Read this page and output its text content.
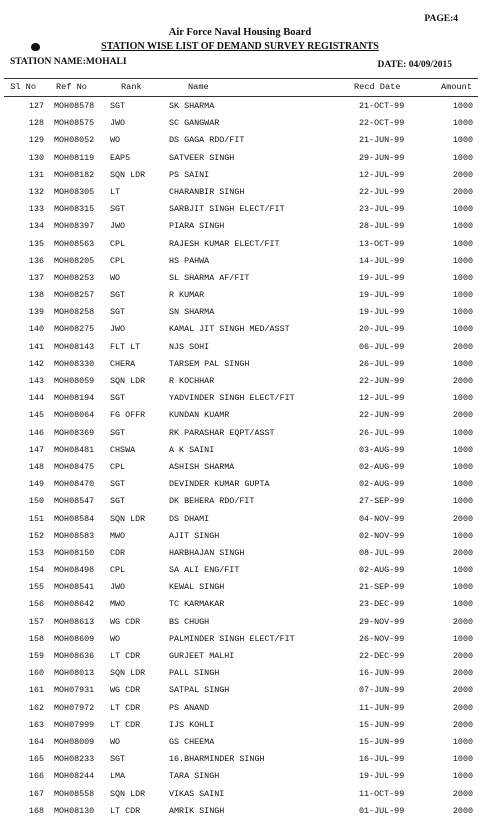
PAGE:4
Air Force Naval Housing Board
STATION WISE LIST OF DEMAND SURVEY REGISTRANTS
STATION NAME:MOHALI	DATE: 04/09/2015
Sl No Ref No	Rank	Name	Recd Date	Amount
127 MOH08578 SGT	SK SHARMA	21-OCT-99	1000
128 MOH08575 JWO	SC GANGWAR	22-OCT-99	1000
129 MOH08052 WO	DS GAGA RDO/FIT	21-JUN-99	1000
130 MOH08119 EAP5	SATVEER SINGH	29-JUN-99	1000
131 MOH08182 SQN LDR	PS SAINI	12-JUL-99	2000
132 MOH08305 LT	CHARANBIR SINGH	22-JUL-99	2000
133 MOH08315 SGT	SARBJIT SINGH ELECT/FIT	23-JUL-99	1000
134 MOH08397 JWO	PIARA SINGH	28-JUL-99	1000
135 MOH08563 CPL	RAJESH KUMAR ELECT/FIT	13-OCT-99	1000
136 MOH08205 CPL	HS PAHWA	14-JUL-99	1000
137 MOH08253 WO	SL SHARMA AF/FIT	19-JUL-99	1000
138 MOH08257 SGT	R KUMAR	19-JUL-99	1000
139 MOH08258 SGT	SN SHARMA	19-JUL-99	1000
140 MOH08275 JWO	KAMAL JIT SINGH MED/ASST	20-JUL-99	1000
141 MOH08143 FLT LT	NJS SOHI	06-JUL-99	2000
142 MOH08330 CHERA	TARSEM PAL SINGH	26-JUL-99	1000
143 MOH08059 SQN LDR	R KOCHHAR	22-JUN-99	2000
144 MOH08194 SGT	YADVINDER SINGH ELECT/FIT	12-JUL-99	1000
145 MOH08064 FG OFFR	KUNDAN KUAMR	22-JUN-99	2000
146 MOH08369 SGT	RK PARASHAR EQPT/ASST	26-JUL-99	1000
147 MOH08481 CHSWA	A K SAINI	03-AUG-99	1000
148 MOH08475 CPL	ASHISH SHARMA	02-AUG-99	1000
149 MOH08470 SGT	DEVINDER KUMAR GUPTA	02-AUG-99	1000
150 MOH08547 SGT	DK BEHERA RDO/FIT	27-SEP-99	1000
151 MOH08584 SQN LDR	DS DHAMI	04-NOV-99	2000
152 MOH08583 MWO	AJIT SINGH	02-NOV-99	1000
153 MOH08150 CDR	HARBHAJAN SINGH	08-JUL-99	2000
154 MOH08498 CPL	SA ALI ENG/FIT	02-AUG-99	1000
155 MOH08541 JWO	KEWAL SINGH	21-SEP-99	1000
156 MOH08642 MWO	TC KARMAKAR	23-DEC-99	1000
157 MOH08613 WG CDR	BS CHUGH	29-NOV-99	2000
158 MOH08609 WO	PALMINDER SINGH ELECT/FIT	26-NOV-99	1000
159 MOH08636 LT CDR	GURJEET MALHI	22-DEC-99	2000
160 MOH08013 SQN LDR	PALL SINGH	16-JUN-99	2000
161 MOH07931 WG CDR	SATPAL SINGH	07-JUN-99	2000
162 MOH07972 LT CDR	PS ANAND	11-JUN-99	2000
163 MOH07999 LT CDR	IJS KOHLI	15-JUN-99	2000
164 MOH08009 WO	GS CHEEMA	15-JUN-99	1000
165 MOH08233 SGT	16.BHARMINDER SINGH	16-JUL-99	1000
166 MOH08244 LMA	TARA SINGH	19-JUL-99	1000
167 MOH08558 SQN LDR	VIKAS SAINI	11-OCT-99	2000
168 MOH08130 LT CDR	AMRIK SINGH	01-JUL-99	2000
